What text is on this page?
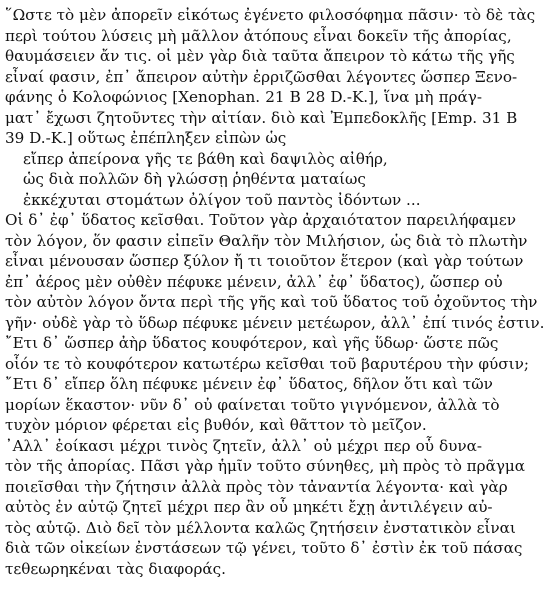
῞Ωστε τὸ μὲν ἀπορεῖν εἰκότως ἐγένετο φιλοσόφημα πᾶσιν· τὸ δὲ τὰς
περὶ τούτου λύσεις μὴ μᾶλλον ἀτόπους εἶναι δοκεῖν τῆς ἀπορίας,
θαυμάσειεν ἄν τις. οἱ μὲν γὰρ διὰ ταῦτα ἄπειρον τὸ κάτω τῆς γῆς
εἶναί φασιν, ἐπ᾿ ἄπειρον αὐτὴν ἐρριζῶσθαι λέγοντες ὥσπερ Ξενο-
φάνης ὁ Κολοφώνιος [Xenophan. 21 B 28 D.-K.], ἵνα μὴ πράγ-
ματ᾿ ἔχωσι ζητοῦντες τὴν αἰτίαν. διὸ καὶ Ἐμπεδοκλῆς [Emp. 31 B
39 D.-K.] οὕτως ἐπέπληξεν εἰπὼν ὡς
εἴπερ ἀπείρονα γῆς τε βάθη καὶ δαψιλὸς αἰθήρ,
ὡς διὰ πολλῶν δὴ γλώσσῃ ῥηθέντα ματαίως
ἐκκέχυται στομάτων ὀλίγον τοῦ παντὸς ἰδόντων ...
Οἱ δ᾿ ἐφ᾿ ὕδατος κεῖσθαι. Τοῦτον γὰρ ἀρχαιότατον παρειλήφαμεν
τὸν λόγον, ὅν φασιν εἰπεῖν Θαλῆν τὸν Μιλήσιον, ὡς διὰ τὸ πλωτὴν
εἶναι μένουσαν ὥσπερ ξύλον ἤ τι τοιοῦτον ἕτερον (καὶ γὰρ τούτων
ἐπ᾿ ἀέρος μὲν οὐθὲν πέφυκε μένειν, ἀλλ᾿ ἐφ᾿ ὕδατος), ὥσπερ οὐ
τὸν αὐτὸν λόγον ὄντα περὶ τῆς γῆς καὶ τοῦ ὕδατος τοῦ ὀχοῦντος τὴν
γῆν· οὐδὲ γὰρ τὸ ὕδωρ πέφυκε μένειν μετέωρον, ἀλλ᾿ ἐπί τινός ἐστιν.
῎Ετι δ᾿ ὥσπερ ἀὴρ ὕδατος κουφότερον, καὶ γῆς ὕδωρ· ὥστε πῶς
οἷόν τε τὸ κουφότερον κατωτέρω κεῖσθαι τοῦ βαρυτέρου τὴν φύσιν;
῎Ετι δ᾿ εἴπερ ὅλη πέφυκε μένειν ἐφ᾿ ὕδατος, δῆλον ὅτι καὶ τῶν
μορίων ἕκαστον· νῦν δ᾿ οὐ φαίνεται τοῦτο γιγνόμενον, ἀλλὰ τὸ
τυχὸν μόριον φέρεται εἰς βυθόν, καὶ θᾶττον τὸ μεῖζον.
᾿Αλλ᾿ ἐοίκασι μέχρι τινὸς ζητεῖν, ἀλλ᾿ οὐ μέχρι περ οὗ δυνα-
τὸν τῆς ἀπορίας. Πᾶσι γὰρ ἡμῖν τοῦτο σύνηθες, μὴ πρὸς τὸ πρᾶγμα
ποιεῖσθαι τὴν ζήτησιν ἀλλὰ πρὸς τὸν τἀναντία λέγοντα· καὶ γὰρ
αὐτὸς ἐν αὑτῷ ζητεῖ μέχρι περ ἂν οὗ μηκέτι ἔχῃ ἀντιλέγειν αὐ-
τὸς αὑτῷ. Διὸ δεῖ τὸν μέλλοντα καλῶς ζητήσειν ἐνστατικὸν εἶναι
διὰ τῶν οἰκείων ἐνστάσεων τῷ γένει, τοῦτο δ᾿ ἐστὶν ἐκ τοῦ πάσας
τεθεωρηκέναι τὰς διαφοράς.
